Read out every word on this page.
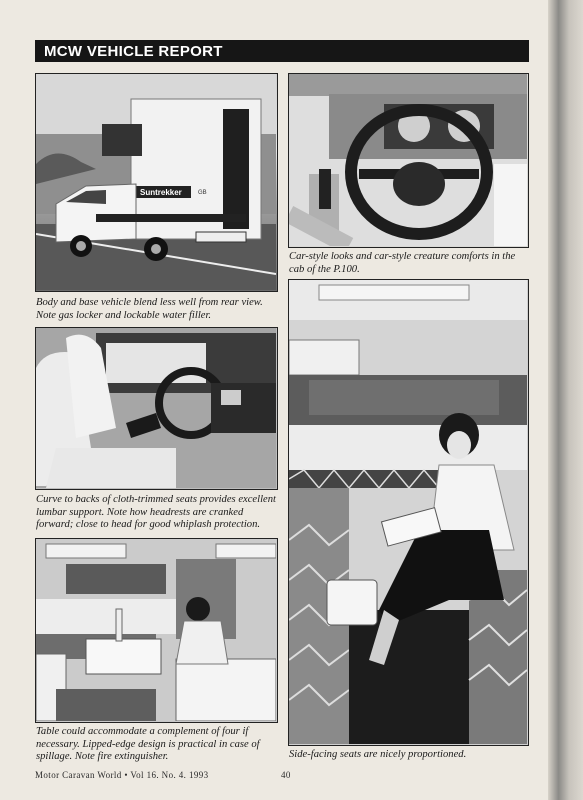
MCW VEHICLE REPORT
Suntrekker	GB
Body and base vehicle blend less well from rear view. Note gas locker and lockable water filler.
Car-style looks and car-style creature comforts in the cab of the P.100.
Curve to backs of cloth-trimmed seats provides excellent lumbar support. Note how headrests are cranked forward; close to head for good whiplash protection.
Table could accommodate a complement of four if necessary. Lipped-edge design is practical in case of spillage. Note fire extinguisher.	Side-facing seats are nicely proportioned.
Motor Caravan World • Vol 16. No. 4. 1993	40
